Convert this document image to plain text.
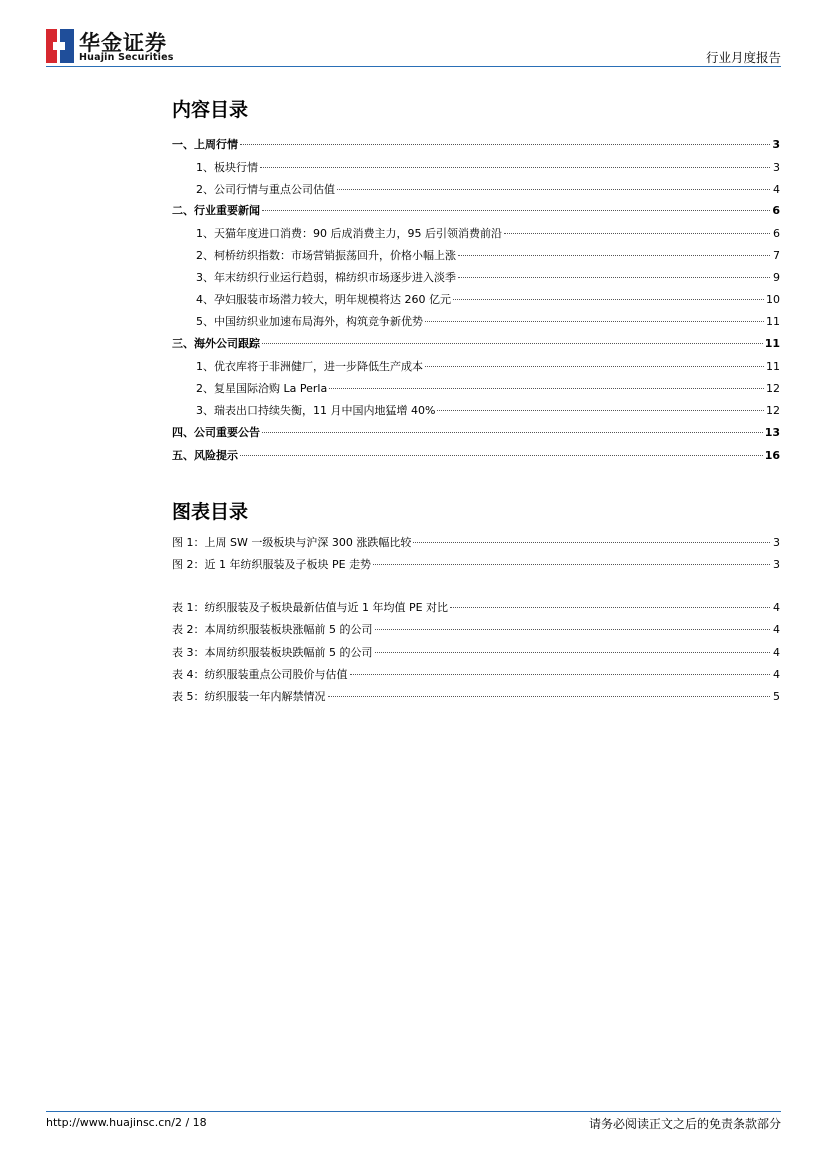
华金证券
Huajin Securities	行业月度报告
内容目录
一、上周行情	3
1、板块行情	3
2、公司行情与重点公司估值	4
二、行业重要新闻	6
1、天猫年度进口消费：90 后成消费主力，95 后引领消费前沿	6
2、柯桥纺织指数：市场营销振荡回升，价格小幅上涨	7
3、年末纺织行业运行趋弱，棉纺织市场逐步进入淡季	9
4、孕妇服装市场潜力较大，明年规模将达 260 亿元	10
5、中国纺织业加速布局海外，构筑竞争新优势	11
三、海外公司跟踪	11
1、优衣库将于非洲健厂，进一步降低生产成本	11
2、复星国际洽购 La Perla	12
3、瑞表出口持续失衡，11 月中国内地猛增 40%	12
四、公司重要公告	13
五、风险提示	16
图表目录
图 1：上周 SW 一级板块与沪深 300 涨跌幅比较	3
图 2：近 1 年纺织服装及子板块 PE 走势	3
表 1：纺织服装及子板块最新估值与近 1 年均值 PE 对比	4
表 2：本周纺织服装板块涨幅前 5 的公司	4
表 3：本周纺织服装板块跌幅前 5 的公司	4
表 4：纺织服装重点公司股价与估值	4
表 5：纺织服装一年内解禁情况	5
http://www.huajinsc.cn/2 / 18	请务必阅读正文之后的免责条款部分
